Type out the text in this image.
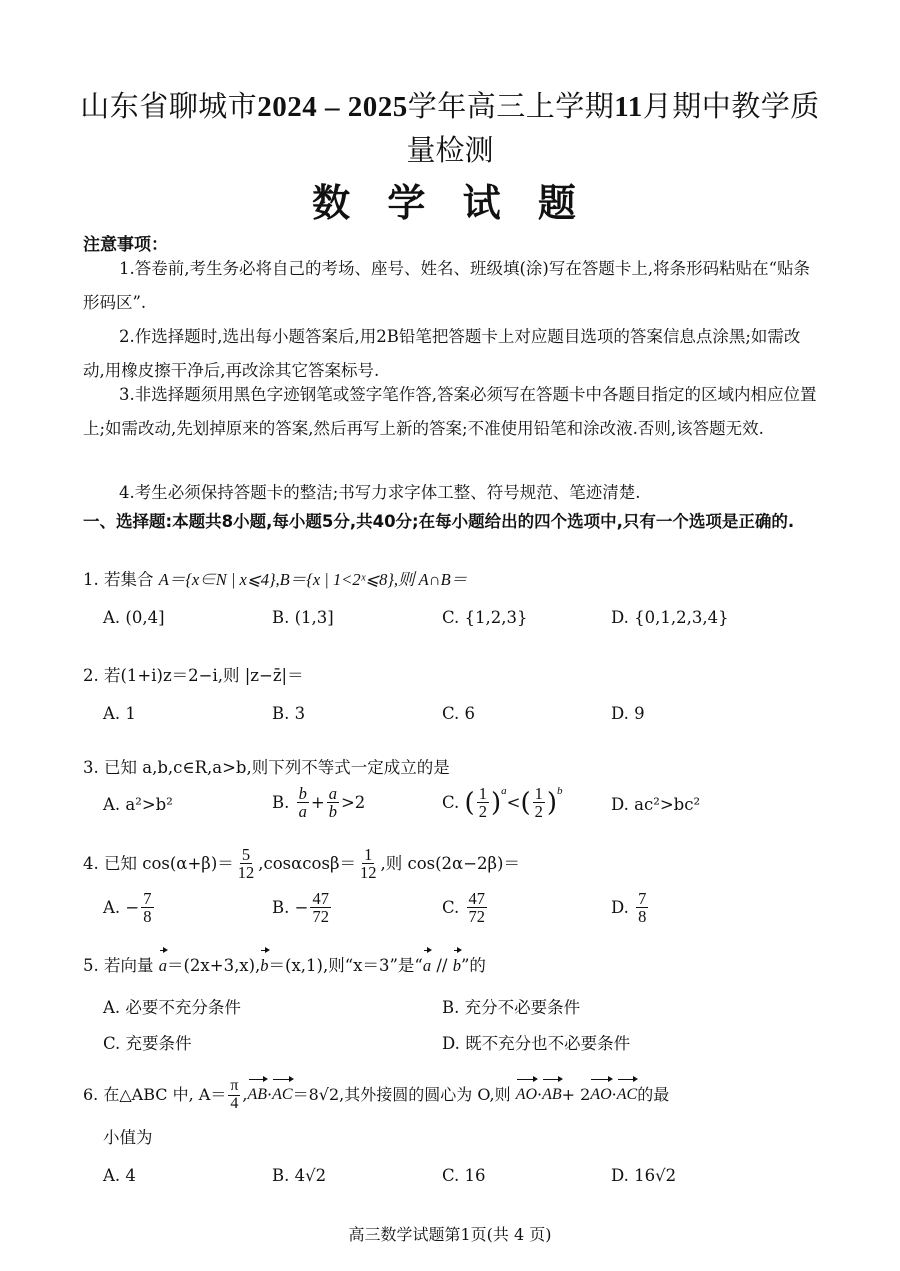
山东省聊城市2024 – 2025学年高三上学期11月期中教学质
量检测
数 学 试 题
注意事项：
1.答卷前,考生务必将自己的考场、座号、姓名、班级填(涂)写在答题卡上,将条形码粘贴在“贴条形码区”.
2.作选择题时,选出每小题答案后,用2B铅笔把答题卡上对应题目选项的答案信息点涂黑;如需改动,用橡皮擦干净后,再改涂其它答案标号.
3.非选择题须用黑色字迹钢笔或签字笔作答,答案必须写在答题卡中各题目指定的区域内相应位置上;如需改动,先划掉原来的答案,然后再写上新的答案;不准使用铅笔和涂改液.否则,该答题无效.
4.考生必须保持答题卡的整洁;书写力求字体工整、符号规范、笔迹清楚.
一、选择题:本题共8小题,每小题5分,共40分;在每小题给出的四个选项中,只有一个选项是正确的.
1. 若集合 A＝{x∈N | x⩽4},B＝{x | 1<2ˣ⩽8},则 A∩B＝
A. (0,4]	B. (1,3]	C. {1,2,3}	D. {0,1,2,3,4}
2. 若(1+i)z＝2−i,则 |z−z̄|＝
A. 1	B. 3	C. 6	D. 9
3. 已知 a,b,c∈R,a>b,则下列不等式一定成立的是
A. a²>b²	B.
$\frac{b}{a} + \frac{a}{b} >2$	C.
( $\frac{1}{2} )^a$
< ( $\frac{1}{2} )^b$
D. ac²>bc²
4. 已知 $\cos(\alpha+\beta)= \frac{5}{12} ,\cos\alpha\cos\beta= \frac{1}{12}$ ,则 cos(2α−2β)＝
A.
− $\frac{7}{8}$	B.
− $\frac{47}{72}$	C.
$\frac{47}{72}$	D.
$\frac{7}{8}$
5. 若向量 a＝(2x+3,x),b＝(x,1),则“x＝3”是“a // b”的
A. 必要不充分条件	B. 充分不必要条件
C. 充要条件	D. 既不充分也不必要条件
6. 在△ABC 中, $A= \frac{\pi}{4}$ , AB · AC ＝8√2 ,其外接圆的圆心为 O,则
AO · AB + 2 AO · AC 的最
小值为
A. 4	B. 4√2	C. 16	D. 16√2
高三数学试题第1页(共 4 页)
